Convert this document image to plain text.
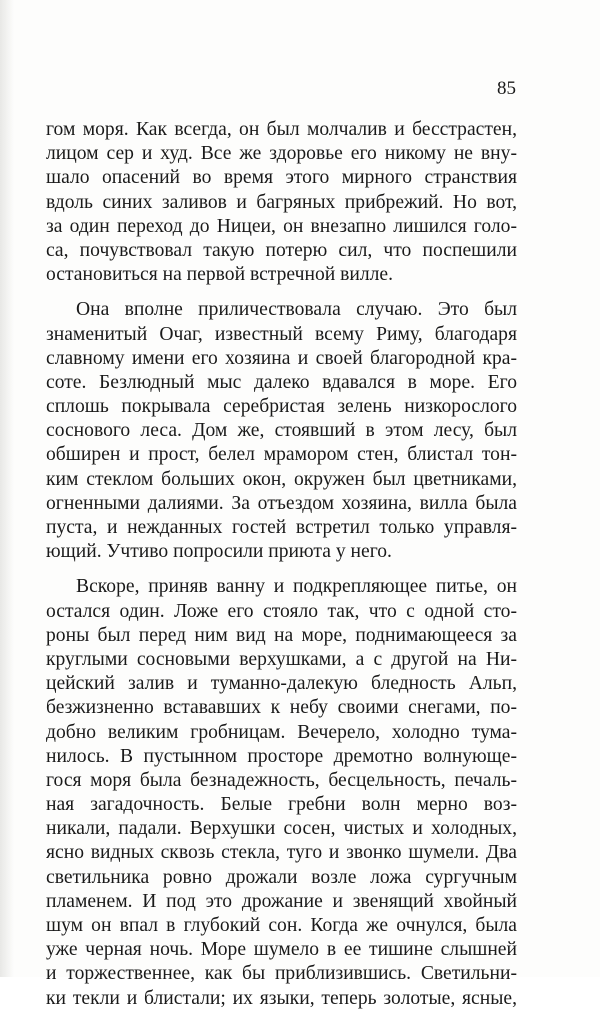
85

гом моря. Как всегда, он был молчалив и бесстрастен,
лицом сер и худ. Все же здоровье его никому не вну-
шало опасений во время этого мирного странствия
вдоль синих заливов и багряных прибрежий. Но вот,
за один переход до Ницеи, он внезапно лишился голо-
са, почувствовал такую потерю сил, что поспешили
остановиться на первой встречной вилле.

Она вполне приличествовала случаю. Это был
знаменитый Очаг, известный всему Риму, благодаря
славному имени его хозяина и своей благородной кра-
соте. Безлюдный мыс далеко вдавался в море. Его
сплошь покрывала серебристая зелень низкорослого
соснового леса. Дом же, стоявший в этом лесу, был
обширен и прост, белел мрамором стен, блистал тон-
ким стеклом больших окон, окружен был цветниками,
огненными далиями. За отъездом хозяина, вилла была
пуста, и нежданных гостей встретил только управля-
ющий. Учтиво попросили приюта у него.

Вскоре, приняв ванну и подкрепляющее питье, он
остался один. Ложе его стояло так, что с одной сто-
роны был перед ним вид на море, поднимающееся за
круглыми сосновыми верхушками, а с другой на Ни-
цейский залив и туманно-далекую бледность Альп,
безжизненно встававших к небу своими снегами, по-
добно великим гробницам. Вечерело, холодно тума-
нилось. В пустынном просторе дремотно волнующе-
гося моря была безнадежность, бесцельность, печаль-
ная загадочность. Белые гребни волн мерно воз-
никали, падали. Верхушки сосен, чистых и холодных,
ясно видных сквозь стекла, туго и звонко шумели. Два
светильника ровно дрожали возле ложа сургучным
пламенем. И под это дрожание и звенящий хвойный
шум он впал в глубокий сон. Когда же очнулся, была
уже черная ночь. Море шумело в ее тишине слышней
и торжественнее, как бы приблизившись. Светильни-
ки текли и блистали; их языки, теперь золотые, ясные,
